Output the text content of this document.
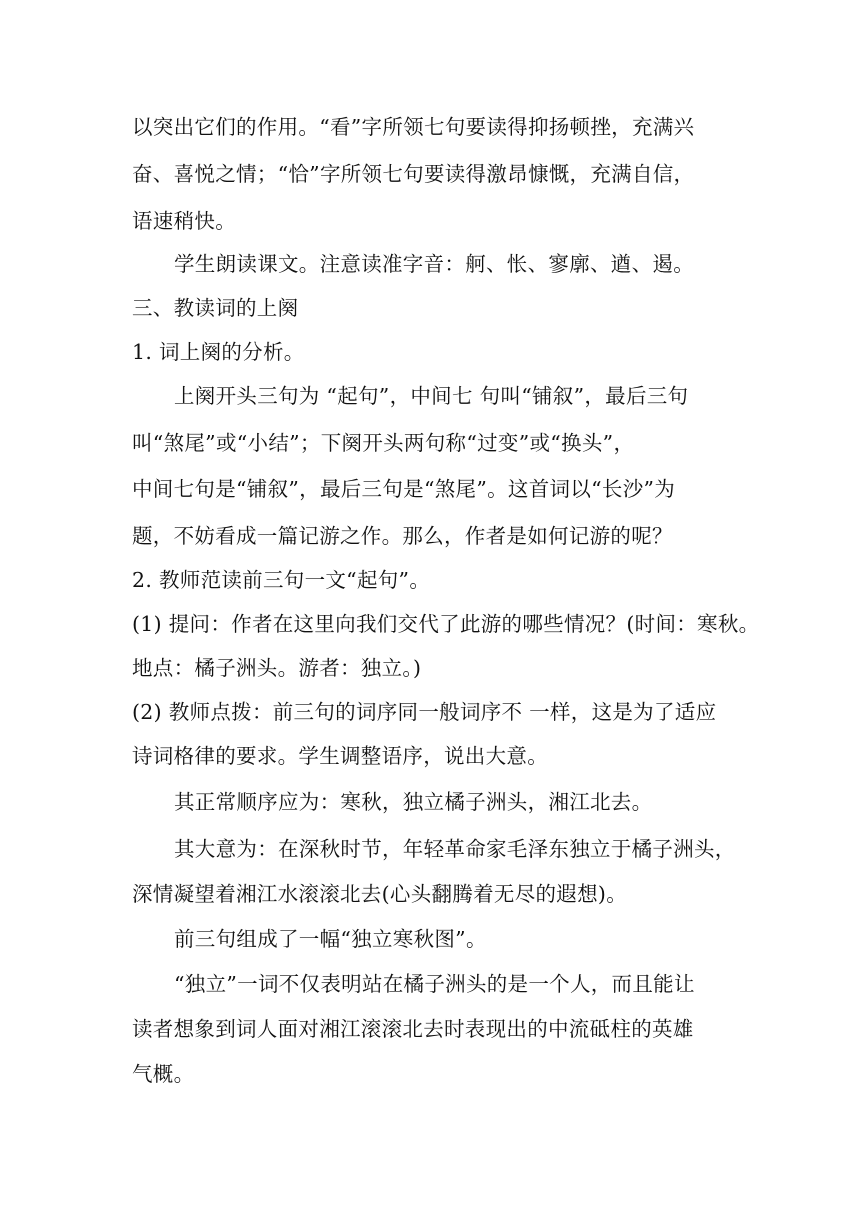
以突出它们的作用。“看”字所领七句要读得抑扬顿挫，充满兴
奋、喜悦之情；“恰”字所领七句要读得激昂慷慨，充满自信，
语速稍快。
学生朗读课文。注意读准字音：舸、怅、寥廓、遒、遏。
三、教读词的上阕
1. 词上阕的分析。
上阕开头三句为 “起句”，中间七 句叫“铺叙”，最后三句
叫“煞尾”或“小结”；下阕开头两句称“过变”或“换头”，
中间七句是“铺叙”，最后三句是“煞尾”。这首词以“长沙”为
题，不妨看成一篇记游之作。那么，作者是如何记游的呢？
2. 教师范读前三句一文“起句”。
(1) 提问：作者在这里向我们交代了此游的哪些情况？(时间：寒秋。
地点：橘子洲头。游者：独立。)
(2) 教师点拨：前三句的词序同一般词序不 一样，这是为了适应
诗词格律的要求。学生调整语序，说出大意。
其正常顺序应为：寒秋，独立橘子洲头，湘江北去。
其大意为：在深秋时节，年轻革命家毛泽东独立于橘子洲头，
深情凝望着湘江水滚滚北去(心头翻腾着无尽的遐想)。
前三句组成了一幅“独立寒秋图”。
“独立”一词不仅表明站在橘子洲头的是一个人，而且能让
读者想象到词人面对湘江滚滚北去时表现出的中流砥柱的英雄
气概。
